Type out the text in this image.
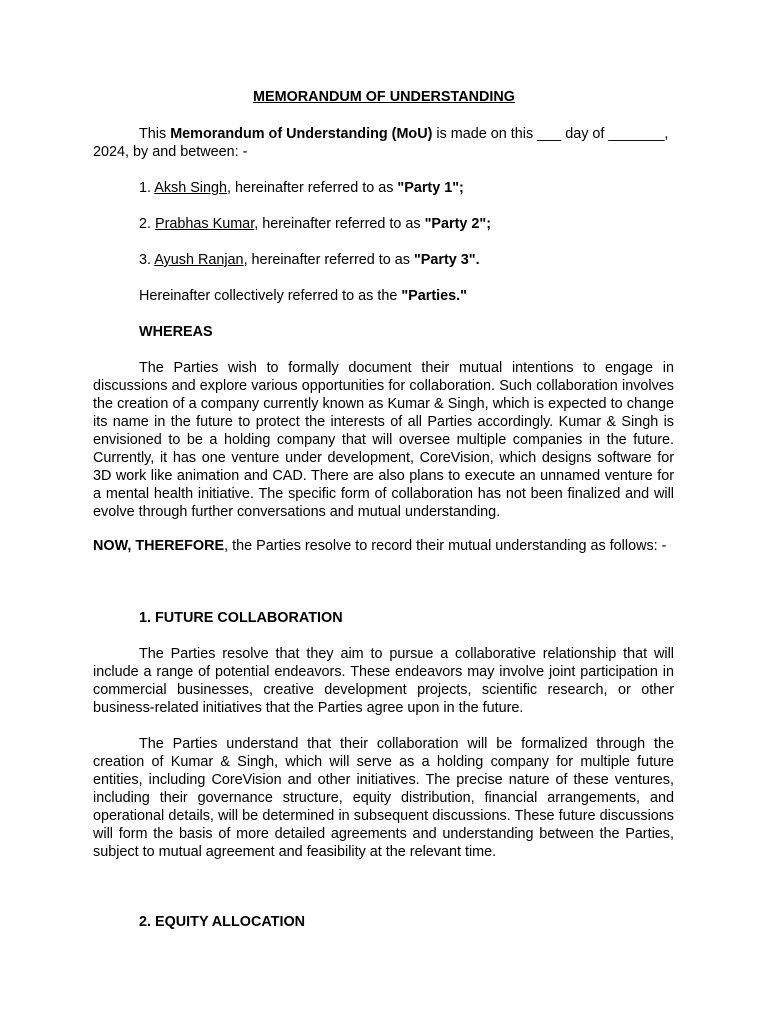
MEMORANDUM OF UNDERSTANDING

This Memorandum of Understanding (MoU) is made on this ___ day of _______, 2024, by and between: -

1. Aksh Singh, hereinafter referred to as "Party 1";

2. Prabhas Kumar, hereinafter referred to as "Party 2";

3. Ayush Ranjan, hereinafter referred to as "Party 3".

Hereinafter collectively referred to as the "Parties."

WHEREAS

The Parties wish to formally document their mutual intentions to engage in discussions and explore various opportunities for collaboration. Such collaboration involves the creation of a company currently known as Kumar & Singh, which is expected to change its name in the future to protect the interests of all Parties accordingly. Kumar & Singh is envisioned to be a holding company that will oversee multiple companies in the future. Currently, it has one venture under development, CoreVision, which designs software for 3D work like animation and CAD. There are also plans to execute an unnamed venture for a mental health initiative. The specific form of collaboration has not been finalized and will evolve through further conversations and mutual understanding.

NOW, THEREFORE, the Parties resolve to record their mutual understanding as follows: -

1. FUTURE COLLABORATION

The Parties resolve that they aim to pursue a collaborative relationship that will include a range of potential endeavors. These endeavors may involve joint participation in commercial businesses, creative development projects, scientific research, or other business-related initiatives that the Parties agree upon in the future.

The Parties understand that their collaboration will be formalized through the creation of Kumar & Singh, which will serve as a holding company for multiple future entities, including CoreVision and other initiatives. The precise nature of these ventures, including their governance structure, equity distribution, financial arrangements, and operational details, will be determined in subsequent discussions. These future discussions will form the basis of more detailed agreements and understanding between the Parties, subject to mutual agreement and feasibility at the relevant time.

2. EQUITY ALLOCATION
